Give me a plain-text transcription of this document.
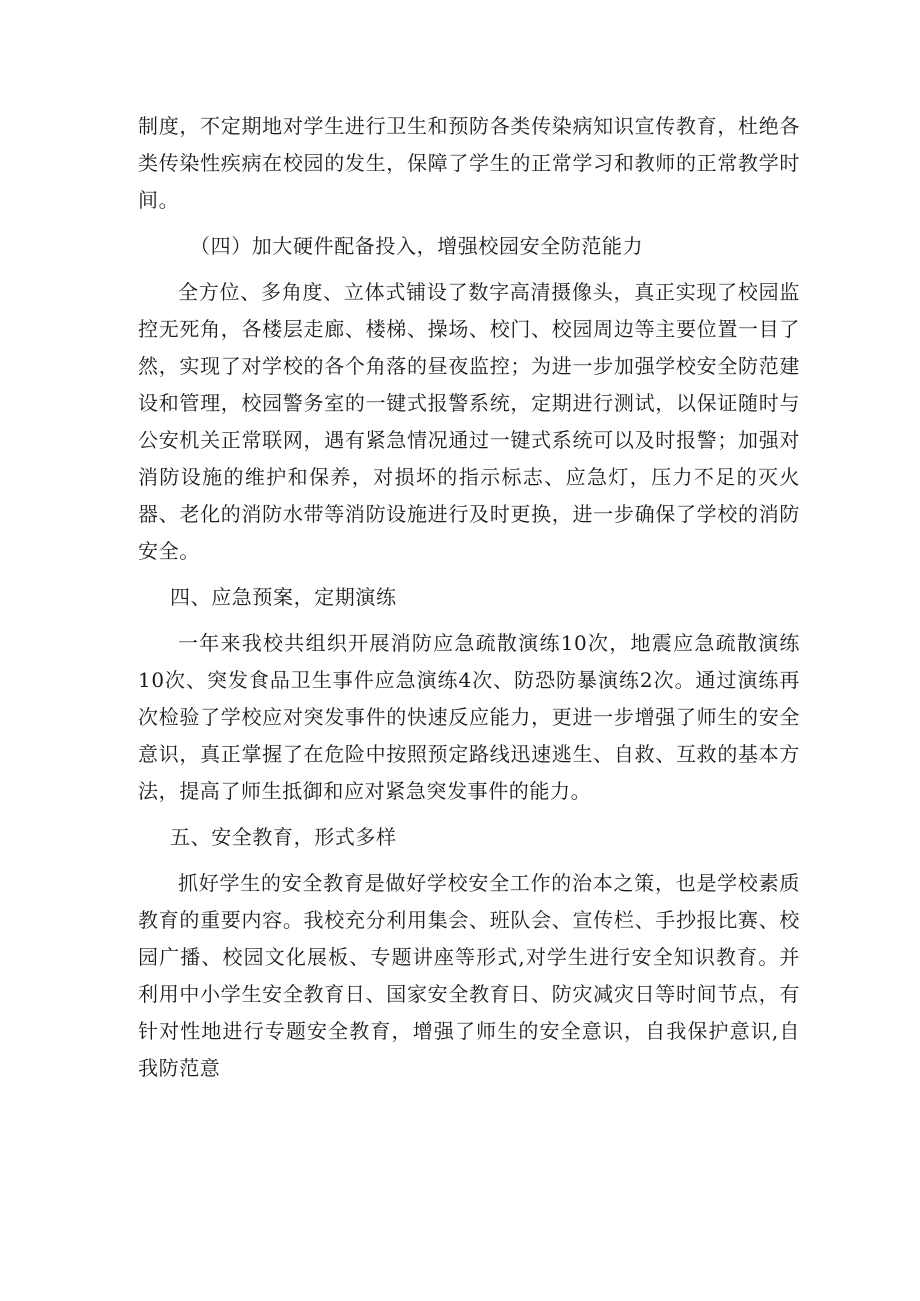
制度，不定期地对学生进行卫生和预防各类传染病知识宣传教育，杜绝各类传染性疾病在校园的发生，保障了学生的正常学习和教师的正常教学时间。

（四）加大硬件配备投入，增强校园安全防范能力

全方位、多角度、立体式铺设了数字高清摄像头，真正实现了校园监控无死角，各楼层走廊、楼梯、操场、校门、校园周边等主要位置一目了然，实现了对学校的各个角落的昼夜监控；为进一步加强学校安全防范建设和管理，校园警务室的一键式报警系统，定期进行测试，以保证随时与公安机关正常联网，遇有紧急情况通过一键式系统可以及时报警；加强对消防设施的维护和保养，对损坏的指示标志、应急灯，压力不足的灭火器、老化的消防水带等消防设施进行及时更换，进一步确保了学校的消防安全。

四、应急预案，定期演练

一年来我校共组织开展消防应急疏散演练10次，地震应急疏散演练10次、突发食品卫生事件应急演练4次、防恐防暴演练2次。通过演练再次检验了学校应对突发事件的快速反应能力，更进一步增强了师生的安全意识，真正掌握了在危险中按照预定路线迅速逃生、自救、互救的基本方法，提高了师生抵御和应对紧急突发事件的能力。

五、安全教育，形式多样

抓好学生的安全教育是做好学校安全工作的治本之策，也是学校素质教育的重要内容。我校充分利用集会、班队会、宣传栏、手抄报比赛、校园广播、校园文化展板、专题讲座等形式,对学生进行安全知识教育。并利用中小学生安全教育日、国家安全教育日、防灾减灾日等时间节点，有针对性地进行专题安全教育，增强了师生的安全意识，自我保护意识,自我防范意
